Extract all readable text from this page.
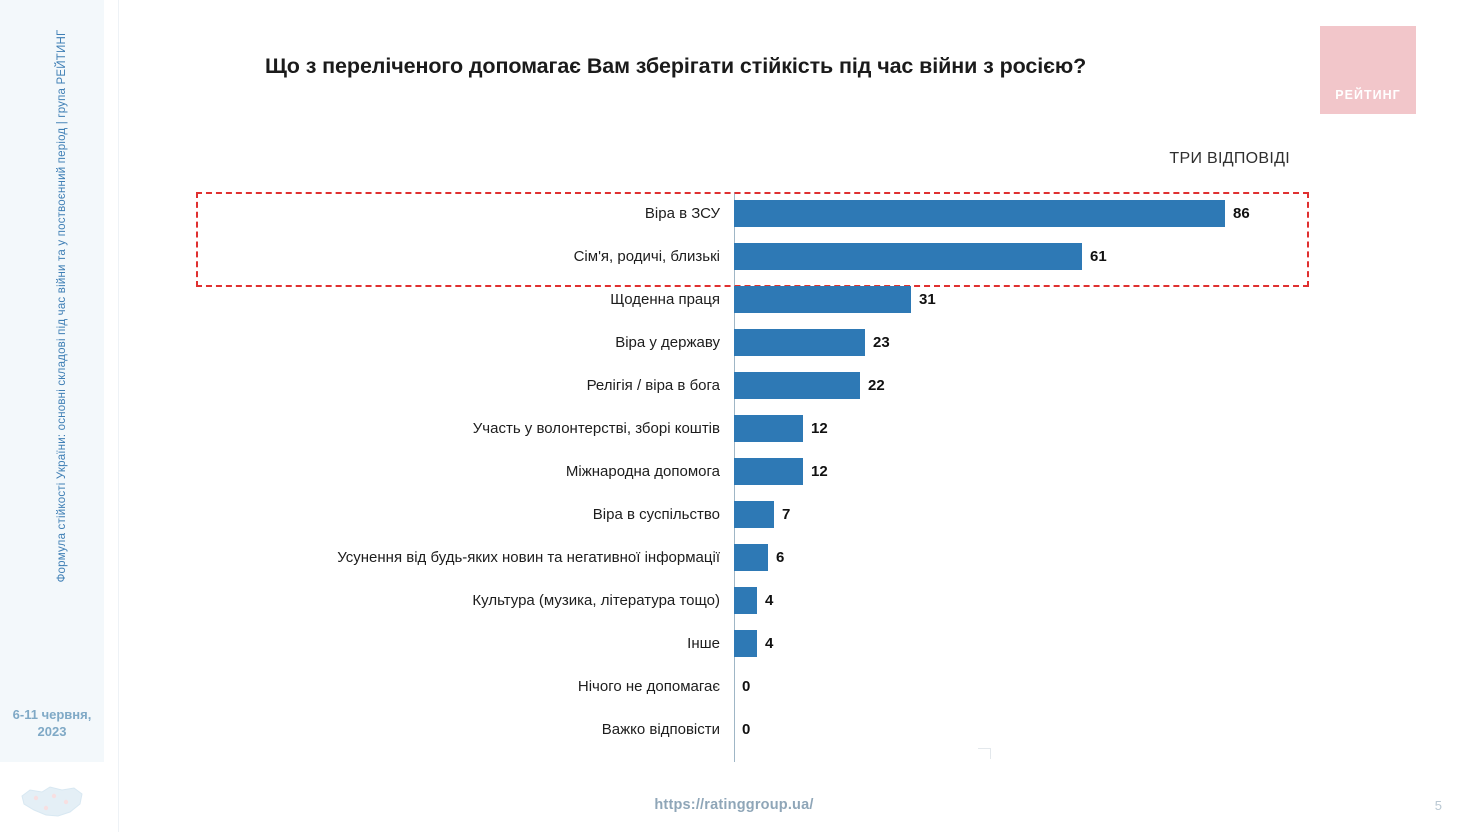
Формула стійкості України: основні складові під час війни та у поствоєнний період | група РЕЙТИНГ
6-11 червня,
2023
РЕЙТИНГ
Що з переліченого допомагає Вам зберігати стійкість під час війни з росією?
ТРИ ВІДПОВІДІ
Віра в ЗСУ	86
Сім'я, родичі, близькі	61
Щоденна праця	31
Віра у державу	23
Релігія / віра в бога	22
Участь у волонтерстві, зборі коштів	12
Міжнародна допомога	12
Віра в суспільство	7
Усунення від будь-яких новин та негативної інформації	6
Культура (музика, література тощо)	4
Інше	4
Нічого не допомагає	0
Важко відповісти	0
https://ratinggroup.ua/	5
